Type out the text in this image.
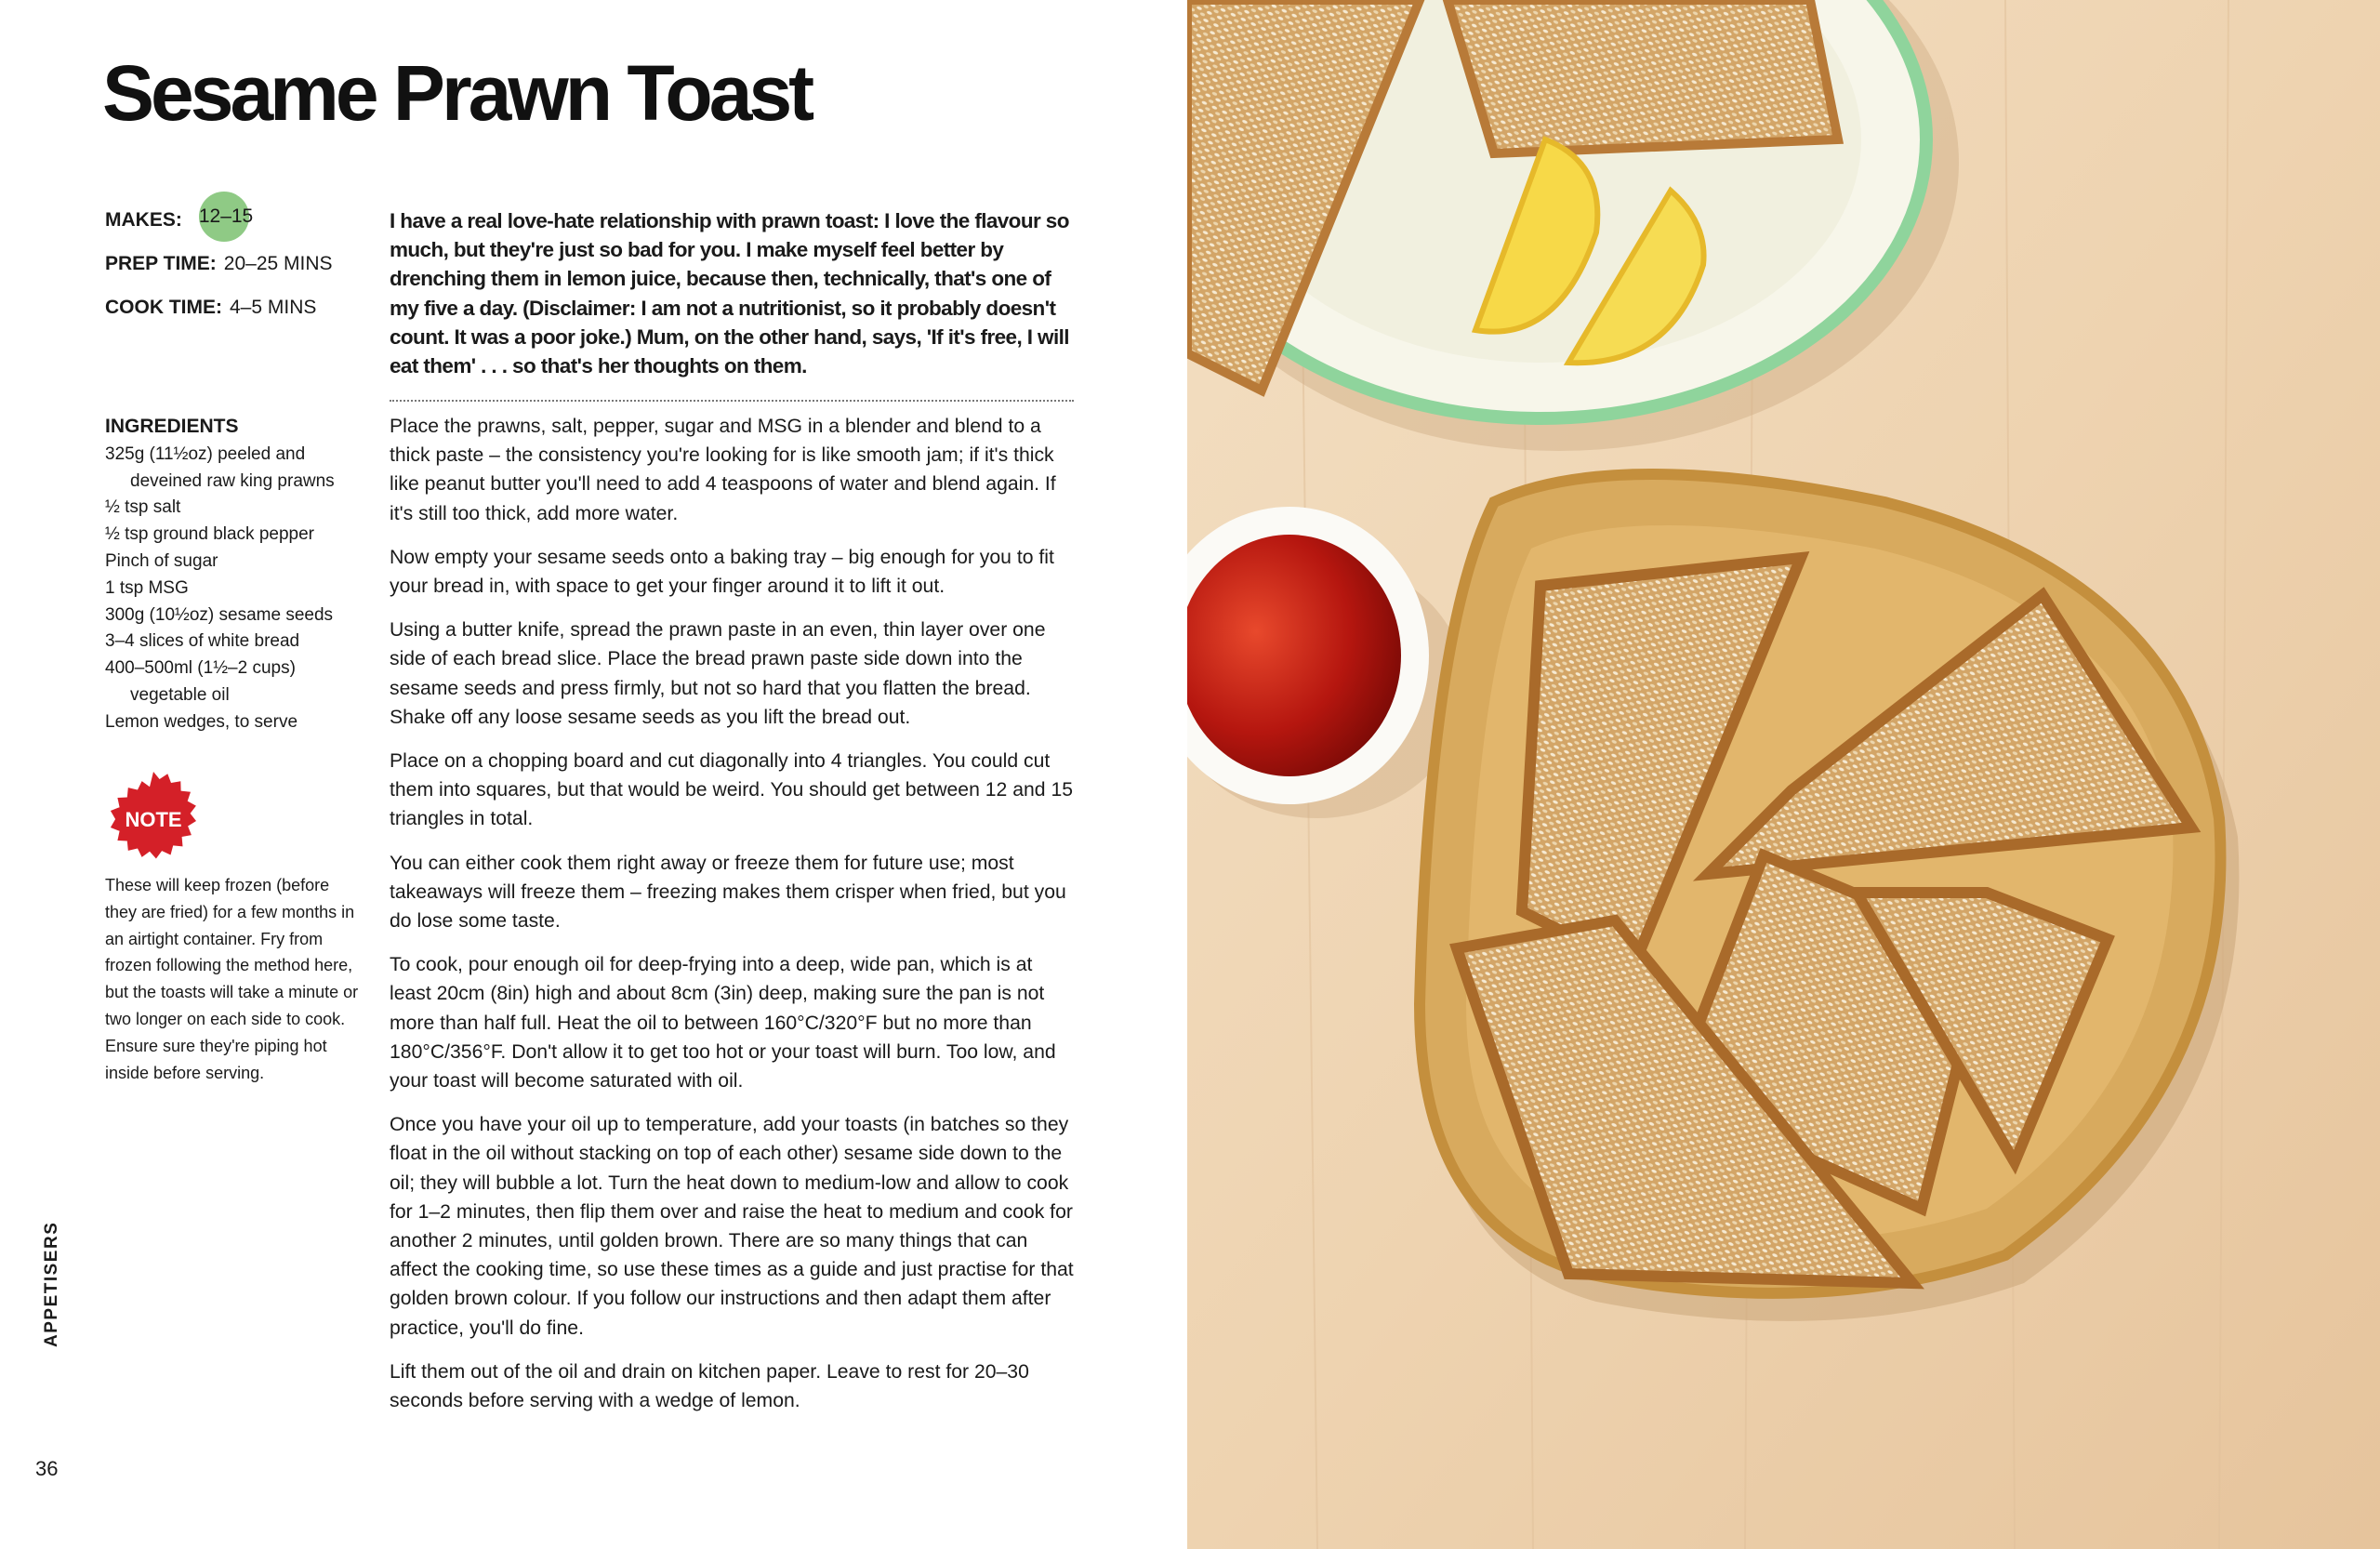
Sesame Prawn Toast
MAKES: 12–15
PREP TIME: 20–25 MINS
COOK TIME: 4–5 MINS
INGREDIENTS
325g (11½oz) peeled and deveined raw king prawns
½ tsp salt
½ tsp ground black pepper
Pinch of sugar
1 tsp MSG
300g (10½oz) sesame seeds
3–4 slices of white bread
400–500ml (1½–2 cups) vegetable oil
Lemon wedges, to serve
NOTE

These will keep frozen (before they are fried) for a few months in an airtight container. Fry from frozen following the method here, but the toasts will take a minute or two longer on each side to cook. Ensure sure they're piping hot inside before serving.

I have a real love-hate relationship with prawn toast: I love the flavour so much, but they're just so bad for you. I make myself feel better by drenching them in lemon juice, because then, technically, that's one of my five a day. (Disclaimer: I am not a nutritionist, so it probably doesn't count. It was a poor joke.) Mum, on the other hand, says, 'If it's free, I will eat them' . . . so that's her thoughts on them.

Place the prawns, salt, pepper, sugar and MSG in a blender and blend to a thick paste – the consistency you're looking for is like smooth jam; if it's thick like peanut butter you'll need to add 4 teaspoons of water and blend again. If it's still too thick, add more water.

Now empty your sesame seeds onto a baking tray – big enough for you to fit your bread in, with space to get your finger around it to lift it out.

Using a butter knife, spread the prawn paste in an even, thin layer over one side of each bread slice. Place the bread prawn paste side down into the sesame seeds and press firmly, but not so hard that you flatten the bread. Shake off any loose sesame seeds as you lift the bread out.

Place on a chopping board and cut diagonally into 4 triangles. You could cut them into squares, but that would be weird. You should get between 12 and 15 triangles in total.

You can either cook them right away or freeze them for future use; most takeaways will freeze them – freezing makes them crisper when fried, but you do lose some taste.

To cook, pour enough oil for deep-frying into a deep, wide pan, which is at least 20cm (8in) high and about 8cm (3in) deep, making sure the pan is not more than half full. Heat the oil to between 160°C/320°F but no more than 180°C/356°F. Don't allow it to get too hot or your toast will burn. Too low, and your toast will become saturated with oil.

Once you have your oil up to temperature, add your toasts (in batches so they float in the oil without stacking on top of each other) sesame side down to the oil; they will bubble a lot. Turn the heat down to medium-low and allow to cook for 1–2 minutes, then flip them over and raise the heat to medium and cook for another 2 minutes, until golden brown. There are so many things that can affect the cooking time, so use these times as a guide and just practise for that golden brown colour. If you follow our instructions and then adapt them after practice, you'll do fine.

Lift them out of the oil and drain on kitchen paper. Leave to rest for 20–30 seconds before serving with a wedge of lemon.

APPETISERS
36
